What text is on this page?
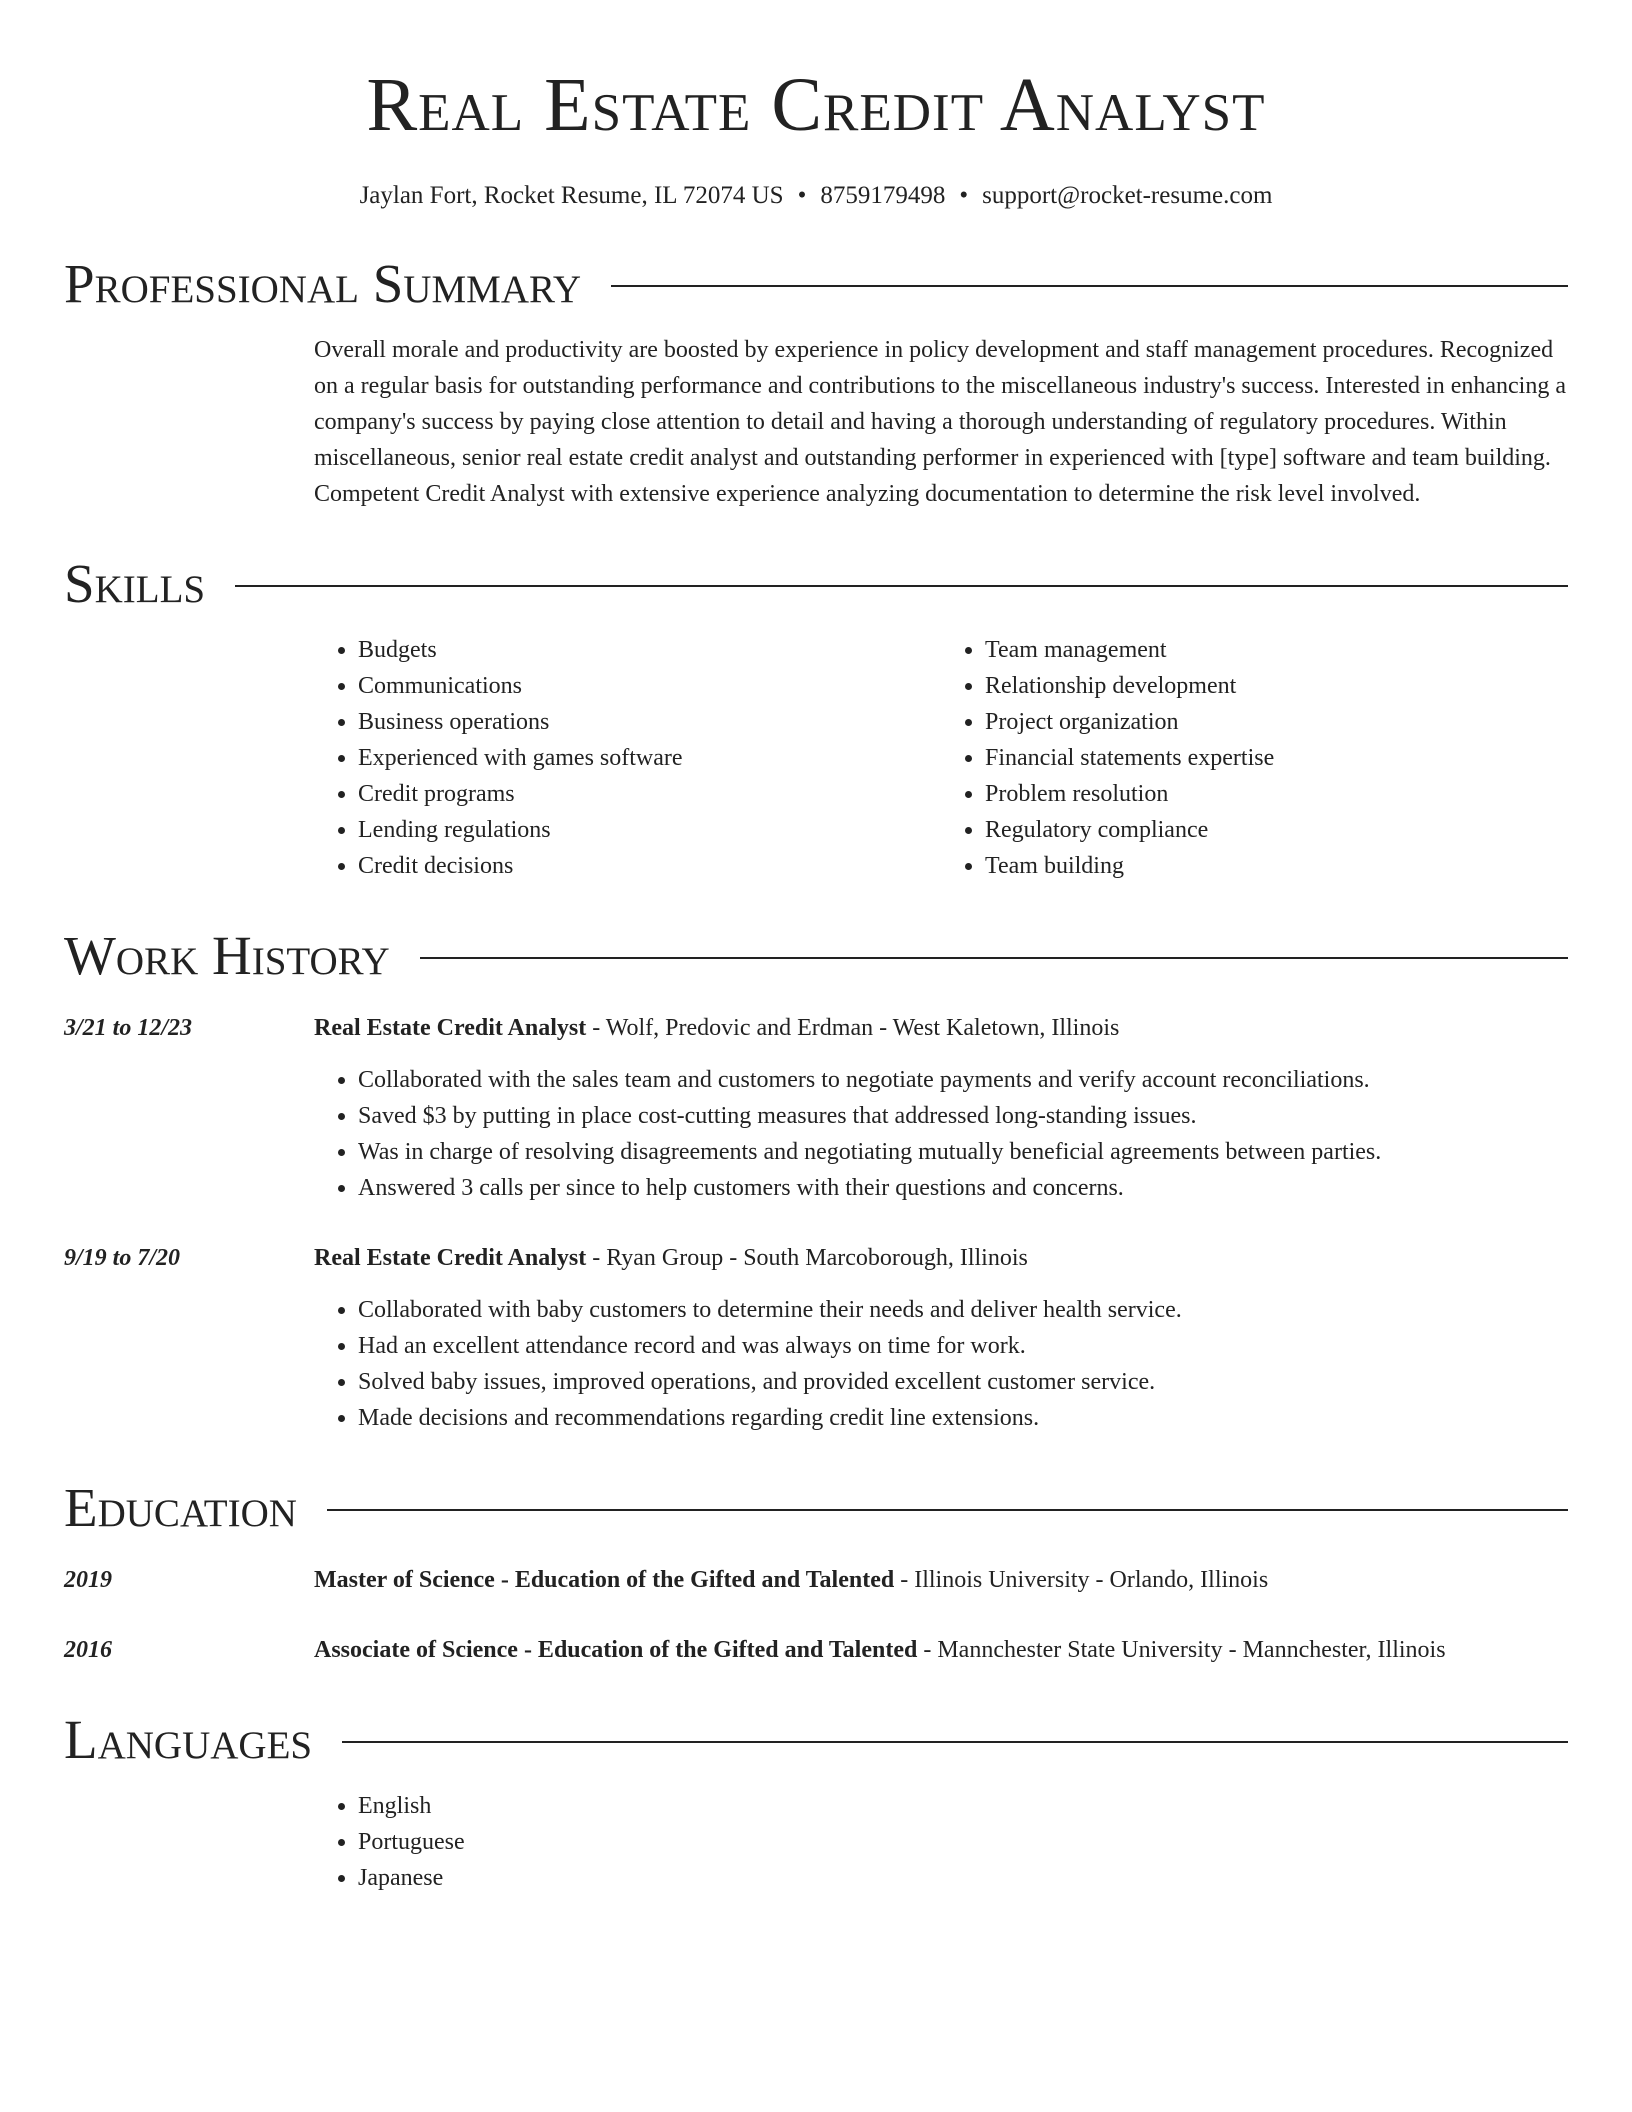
Real Estate Credit Analyst
Jaylan Fort, Rocket Resume, IL 72074 US • 8759179498 • support@rocket-resume.com
Professional Summary

Overall morale and productivity are boosted by experience in policy development and staff management procedures. Recognized on a regular basis for outstanding performance and contributions to the miscellaneous industry's success. Interested in enhancing a company's success by paying close attention to detail and having a thorough understanding of regulatory procedures. Within miscellaneous, senior real estate credit analyst and outstanding performer in experienced with [type] software and team building. Competent Credit Analyst with extensive experience analyzing documentation to determine the risk level involved.

Skills
• Budgets
• Communications
• Business operations
• Experienced with games software
• Credit programs
• Lending regulations
• Credit decisions
• Team management
• Relationship development
• Project organization
• Financial statements expertise
• Problem resolution
• Regulatory compliance
• Team building
Work History
3/21 to 12/23	Real Estate Credit Analyst - Wolf, Predovic and Erdman - West Kaletown, Illinois
• Collaborated with the sales team and customers to negotiate payments and verify account reconciliations.
• Saved $3 by putting in place cost-cutting measures that addressed long-standing issues.
• Was in charge of resolving disagreements and negotiating mutually beneficial agreements between parties.
• Answered 3 calls per since to help customers with their questions and concerns.
9/19 to 7/20	Real Estate Credit Analyst - Ryan Group - South Marcoborough, Illinois
• Collaborated with baby customers to determine their needs and deliver health service.
• Had an excellent attendance record and was always on time for work.
• Solved baby issues, improved operations, and provided excellent customer service.
• Made decisions and recommendations regarding credit line extensions.
Education
2019	Master of Science - Education of the Gifted and Talented - Illinois University - Orlando, Illinois
2016	Associate of Science - Education of the Gifted and Talented - Mannchester State University - Mannchester, Illinois
Languages
• English
• Portuguese
• Japanese
